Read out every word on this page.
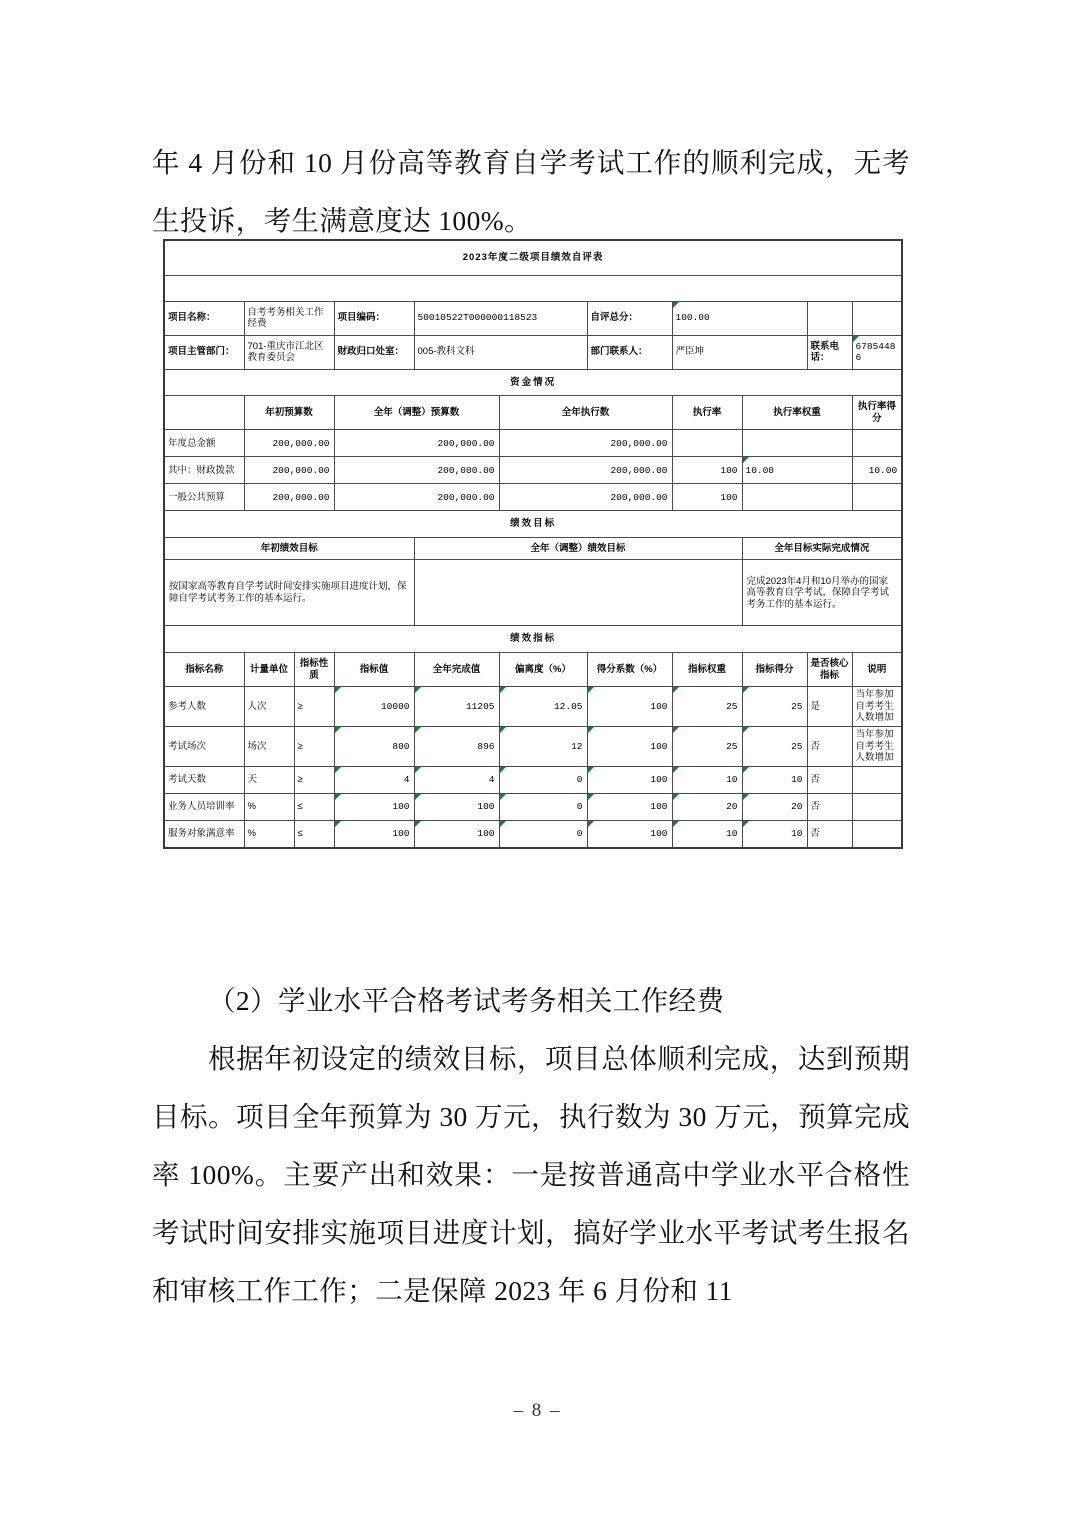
年 4 月份和 10 月份高等教育自学考试工作的顺利完成，无考生投诉，考生满意度达 100%。

2023年度二级项目绩效自评表										

项目名称：	自考考务相关工作经费		项目编码：	50010522T000000118523		自评总分：	100.00			
项目主管部门：	701-重庆市江北区教育委员会		财政归口处室：	005-教科文科		部门联系人：	严臣坤		联系电话：	67854486
资金情况										
	年初预算数		全年（调整）预算数		全年执行数		执行率	执行率权重		执行率得分
年度总金额	200,000.00		200,000.00		200,000.00					
其中：财政拨款	200,000.00		200,000.00		200,000.00		100	10.00		10.00
一般公共预算	200,000.00		200,000.00		200,000.00		100			
绩效目标										
年初绩效目标				全年（调整）绩效目标				全年目标实际完成情况		
按国家高等教育自学考试时间安排实施项目进度计划，保障自学考试考务工作的基本运行。								完成2023年4月和10月举办的国家高等教育自学考试，保障自学考试考务工作的基本运行。		
绩效指标										
指标名称	计量单位	指标性质	指标值	全年完成值	偏离度（%）	得分系数（%）	指标权重	指标得分	是否核心指标	说明
参考人数	人次	≥	10000	11205	12.05	100	25	25	是	当年参加自考考生人数增加
考试场次	场次	≥	800	896	12	100	25	25	否	当年参加自考考生人数增加
考试天数	天	≥	4	4	0	100	10	10	否	
业务人员培训率	%	≤	100	100	0	100	20	20	否	
服务对象满意率	%	≤	100	100	0	100	10	10	否	

（2）学业水平合格考试考务相关工作经费

根据年初设定的绩效目标，项目总体顺利完成，达到预期目标。项目全年预算为 30 万元，执行数为 30 万元，预算完成率 100%。主要产出和效果：一是按普通高中学业水平合格性考试时间安排实施项目进度计划，搞好学业水平考试考生报名和审核工作工作；二是保障 2023 年 6 月份和 11

– 8 –
